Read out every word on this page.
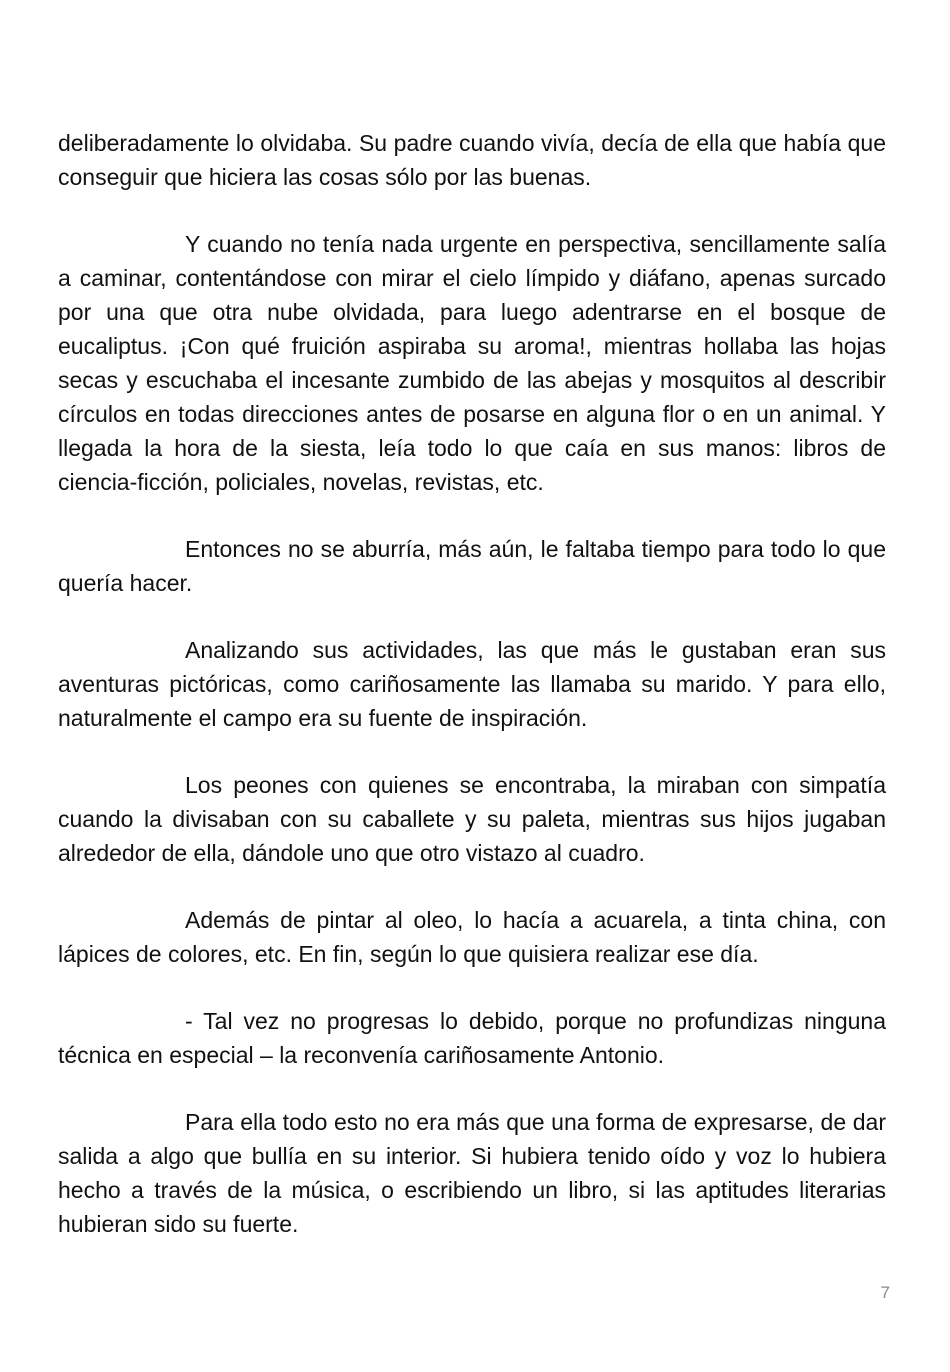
deliberadamente lo olvidaba. Su padre cuando vivía, decía de ella que había que conseguir que hiciera las cosas sólo por las buenas.

Y cuando no tenía nada urgente en perspectiva, sencillamente salía a caminar, contentándose con mirar el cielo límpido y diáfano, apenas surcado por una que otra nube olvidada, para luego adentrarse en el bosque de eucaliptus. ¡Con qué fruición aspiraba su aroma!, mientras hollaba las hojas secas y escuchaba el incesante zumbido de las abejas y mosquitos al describir círculos en todas direcciones antes de posarse en alguna flor o en un animal. Y llegada la hora de la siesta, leía todo lo que caía en sus manos: libros de ciencia-ficción, policiales, novelas, revistas, etc.

Entonces no se aburría, más aún, le faltaba tiempo para todo lo que quería hacer.

Analizando sus actividades, las que más le gustaban eran sus aventuras pictóricas, como cariñosamente las llamaba su marido. Y para ello, naturalmente el campo era su fuente de inspiración.

Los peones con quienes se encontraba, la miraban con simpatía cuando la divisaban con su caballete y su paleta, mientras sus hijos jugaban alrededor de ella, dándole uno que otro vistazo al cuadro.

Además de pintar al oleo, lo hacía a acuarela, a tinta china, con lápices de colores, etc. En fin, según lo que quisiera realizar ese día.

- Tal vez no progresas lo debido, porque no profundizas ninguna técnica en especial – la reconvenía cariñosamente Antonio.

Para ella todo esto no era más que una forma de expresarse, de dar salida a algo que bullía en su interior. Si hubiera tenido oído y voz lo hubiera hecho a través de la música, o escribiendo un libro, si las aptitudes literarias hubieran sido su fuerte.

7
